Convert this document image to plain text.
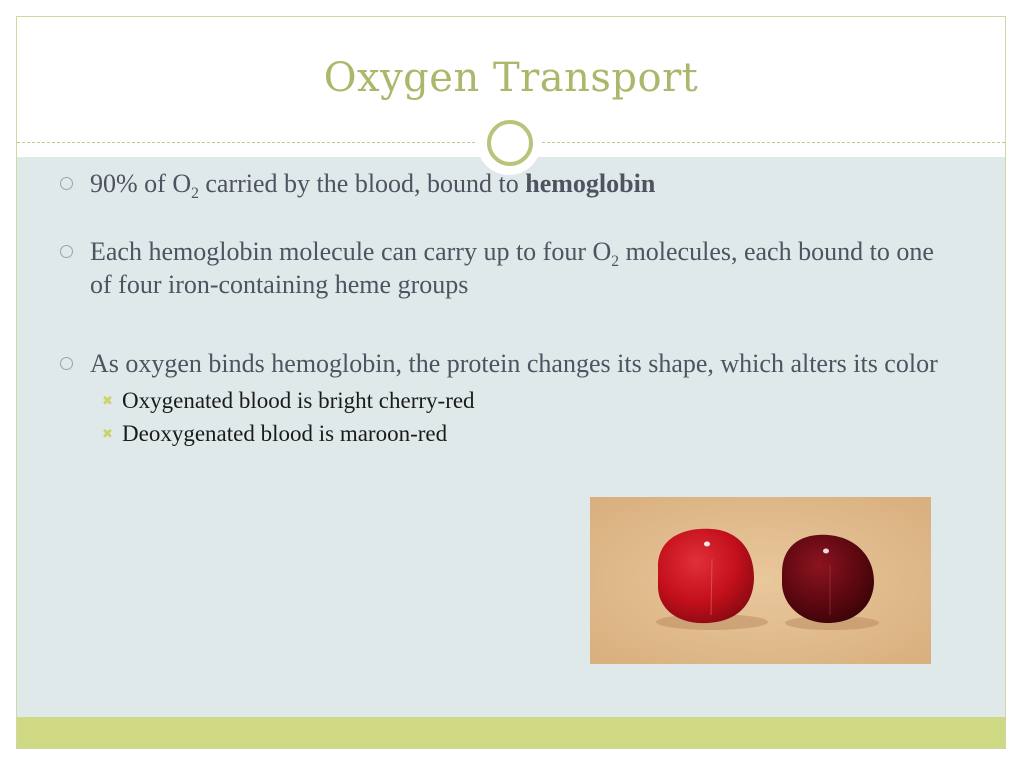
Oxygen Transport
90% of $O_2$ carried by the blood, bound to hemoglobin
Each hemoglobin molecule can carry up to four $O_2$ molecules, each bound to one of four iron-containing heme groups
As oxygen binds hemoglobin, the protein changes its shape, which alters its color
✖ Oxygenated blood is bright cherry-red
✖ Deoxygenated blood is maroon-red
